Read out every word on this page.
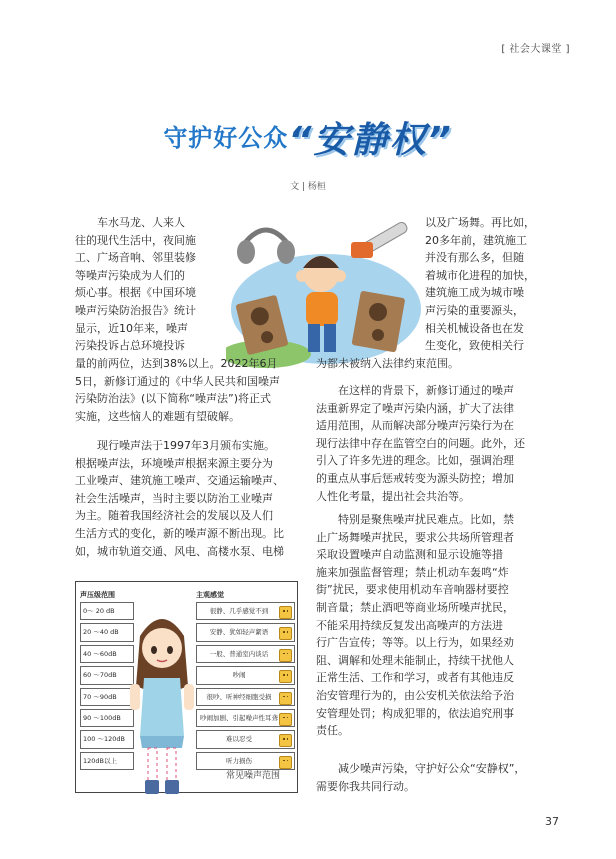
[ 社会大课堂 ]
守护好公众“安静权”
文 | 杨桓
车水马龙、人来人
往的现代生活中，夜间施
工、广场音响、邻里装修
等噪声污染成为人们的
烦心事。根据《中国环境
噪声污染防治报告》统计
显示，近10年来，噪声
污染投诉占总环境投诉
量的前两位，达到38%以上。2022年6月
5日，新修订通过的《中华人民共和国噪声
污染防治法》(以下简称“噪声法”)将正式
实施，这些恼人的难题有望破解。
现行噪声法于1997年3月颁布实施。
根据噪声法，环境噪声根据来源主要分为
工业噪声、建筑施工噪声、交通运输噪声、
社会生活噪声，当时主要以防治工业噪声
为主。随着我国经济社会的发展以及人们
生活方式的变化，新的噪声源不断出现。比
如，城市轨道交通、风电、高楼水泵、电梯
以及广场舞。再比如，
20多年前，建筑施工
并没有那么多，但随
着城市化进程的加快，
建筑施工成为城市噪
声污染的重要源头，
相关机械设备也在发
生变化，致使相关行
为都未被纳入法律约束范围。
在这样的背景下，新修订通过的噪声
法重新界定了噪声污染内涵，扩大了法律
适用范围，从而解决部分噪声污染行为在
现行法律中存在监管空白的问题。此外，还
引入了许多先进的理念。比如，强调治理
的重点从事后惩戒转变为源头防控；增加
人性化考量，提出社会共治等。
特别是聚焦噪声扰民难点。比如，禁
止广场舞噪声扰民，要求公共场所管理者
采取设置噪声自动监测和显示设施等措
施来加强监督管理；禁止机动车轰鸣“炸
街”扰民，要求使用机动车音响器材要控
制音量；禁止酒吧等商业场所噪声扰民，
不能采用持续反复发出高噪声的方法进
行广告宣传；等等。以上行为，如果经劝
阻、调解和处理未能制止，持续干扰他人
正常生活、工作和学习，或者有其他违反
治安管理行为的，由公安机关依法给予治
安管理处罚；构成犯罪的，依法追究刑事
责任。
减少噪声污染，守护好公众“安静权”，
需要你我共同行动。
声压级范围
0～ 20 dB
20 ～40 dB
40 ～60dB
60 ～70dB
70 ～90dB
90 ～100dB
100 ～120dB
120dB以上
主观感觉
很静、几乎感觉不到
安静、犹如轻声絮语
一般、普通室内谈话
吵闹
很吵、听神经细胞受损
吵闹加剧、引起噪声性耳聋
难以忍受
听力损伤
常见噪声范围
37
